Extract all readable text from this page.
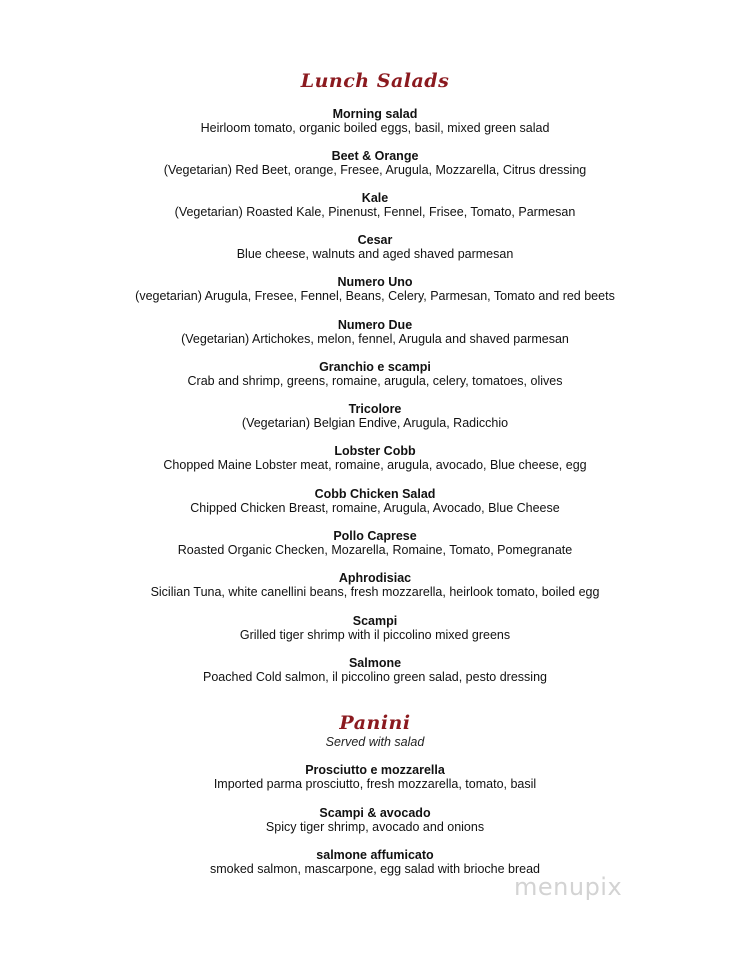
Lunch Salads
Morning salad
Heirloom tomato, organic boiled eggs, basil, mixed green salad
Beet & Orange
(Vegetarian) Red Beet, orange, Fresee, Arugula, Mozzarella, Citrus dressing
Kale
(Vegetarian) Roasted Kale, Pinenust, Fennel, Frisee, Tomato, Parmesan
Cesar
Blue cheese, walnuts and aged shaved parmesan
Numero Uno
(vegetarian) Arugula, Fresee, Fennel, Beans, Celery, Parmesan, Tomato and red beets
Numero Due
(Vegetarian) Artichokes, melon, fennel, Arugula and shaved parmesan
Granchio e scampi
Crab and shrimp, greens, romaine, arugula, celery, tomatoes, olives
Tricolore
(Vegetarian) Belgian Endive, Arugula, Radicchio
Lobster Cobb
Chopped Maine Lobster meat, romaine, arugula, avocado, Blue cheese, egg
Cobb Chicken Salad
Chipped Chicken Breast, romaine, Arugula, Avocado, Blue Cheese
Pollo Caprese
Roasted Organic Checken, Mozarella, Romaine, Tomato, Pomegranate
Aphrodisiac
Sicilian Tuna, white canellini beans, fresh mozzarella, heirlook tomato, boiled egg
Scampi
Grilled tiger shrimp with il piccolino mixed greens
Salmone
Poached Cold salmon, il piccolino green salad, pesto dressing
Panini
Served with salad
Prosciutto e mozzarella
Imported parma prosciutto, fresh mozzarella, tomato, basil
Scampi & avocado
Spicy tiger shrimp, avocado and onions
salmone affumicato
smoked salmon, mascarpone, egg salad with brioche bread
menupix
